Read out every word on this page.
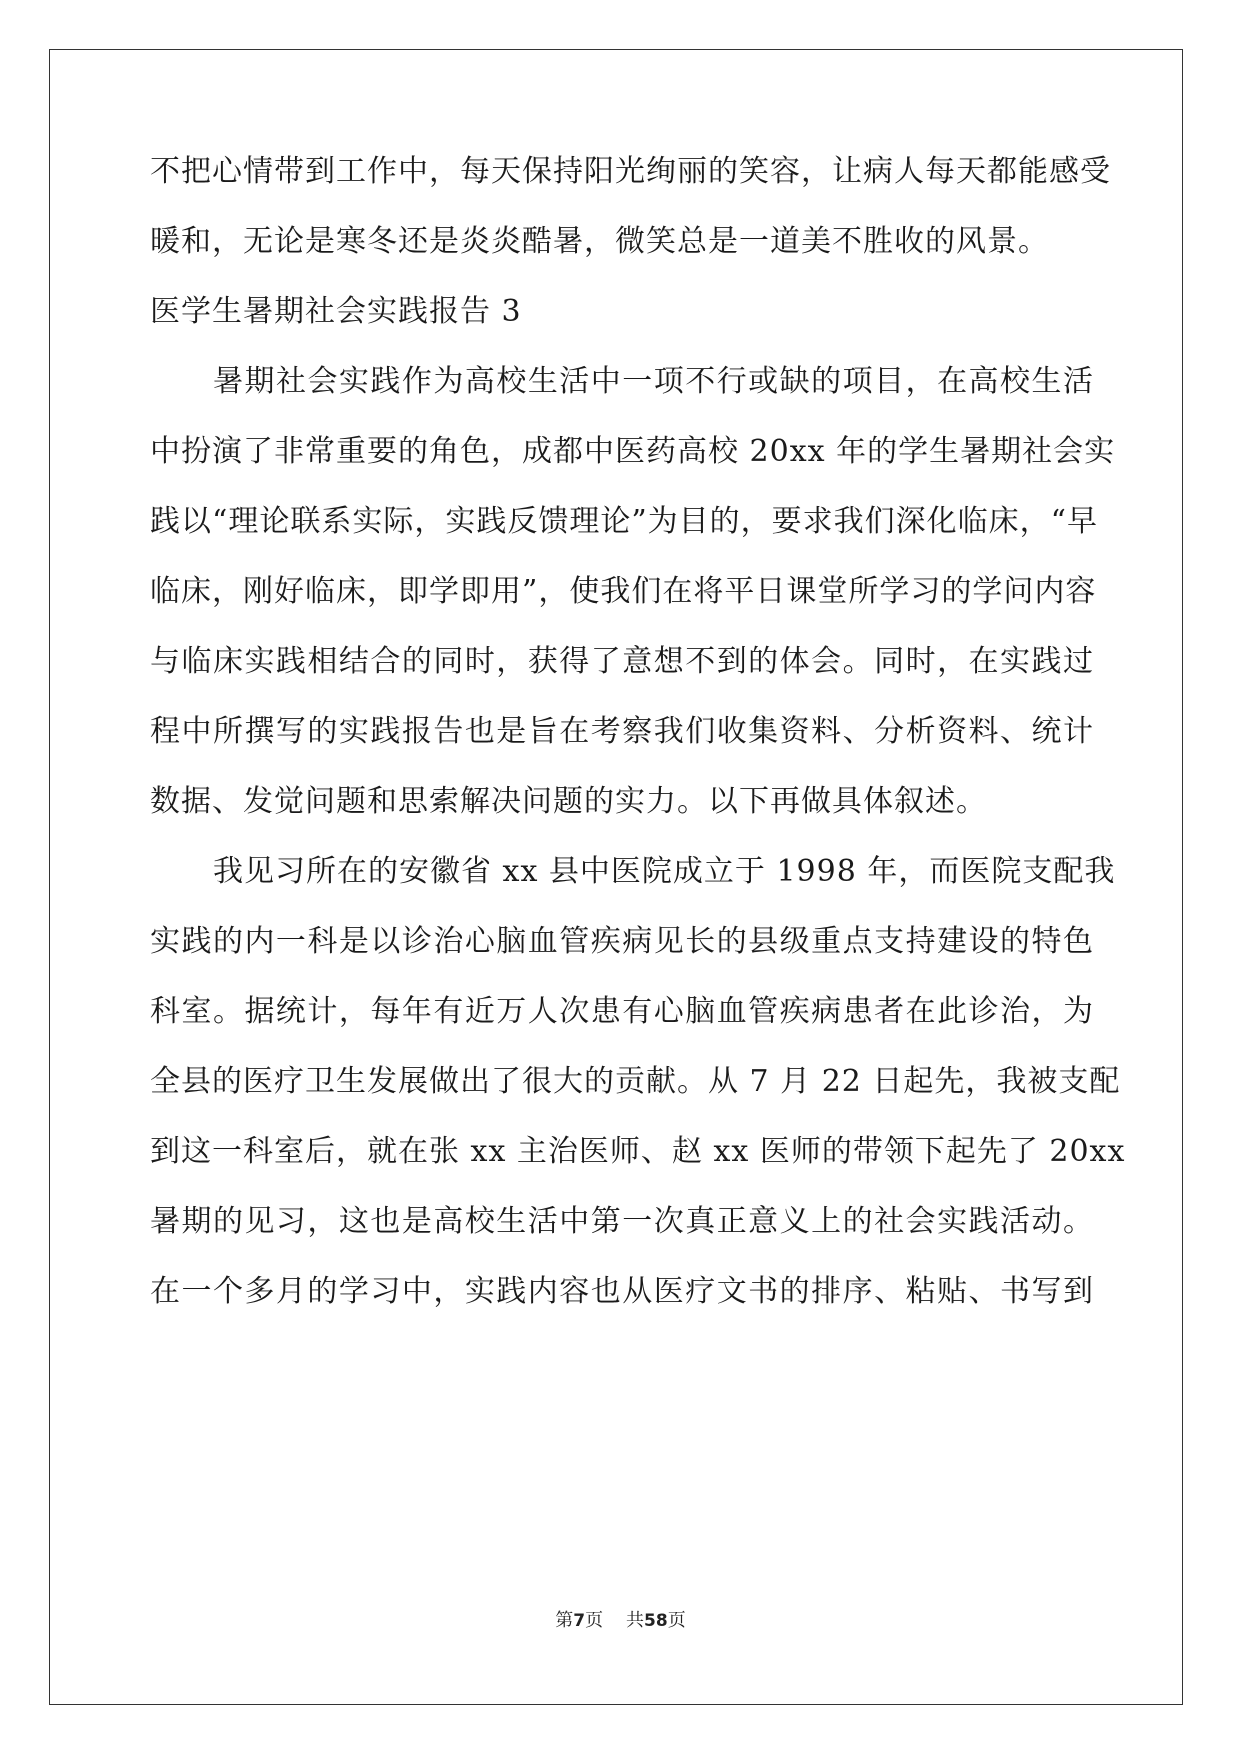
不把心情带到工作中，每天保持阳光绚丽的笑容，让病人每天都能感受
暖和，无论是寒冬还是炎炎酷暑，微笑总是一道美不胜收的风景。
医学生暑期社会实践报告 3
暑期社会实践作为高校生活中一项不行或缺的项目，在高校生活
中扮演了非常重要的角色，成都中医药高校 20xx 年的学生暑期社会实
践以“理论联系实际，实践反馈理论”为目的，要求我们深化临床，“早
临床，刚好临床，即学即用”，使我们在将平日课堂所学习的学问内容
与临床实践相结合的同时，获得了意想不到的体会。同时，在实践过
程中所撰写的实践报告也是旨在考察我们收集资料、分析资料、统计
数据、发觉问题和思索解决问题的实力。以下再做具体叙述。
我见习所在的安徽省 xx 县中医院成立于 1998 年，而医院支配我
实践的内一科是以诊治心脑血管疾病见长的县级重点支持建设的特色
科室。据统计，每年有近万人次患有心脑血管疾病患者在此诊治，为
全县的医疗卫生发展做出了很大的贡献。从 7 月 22 日起先，我被支配
到这一科室后，就在张 xx 主治医师、赵 xx 医师的带领下起先了 20xx
暑期的见习，这也是高校生活中第一次真正意义上的社会实践活动。
在一个多月的学习中，实践内容也从医疗文书的排序、粘贴、书写到
第7页 共58页
